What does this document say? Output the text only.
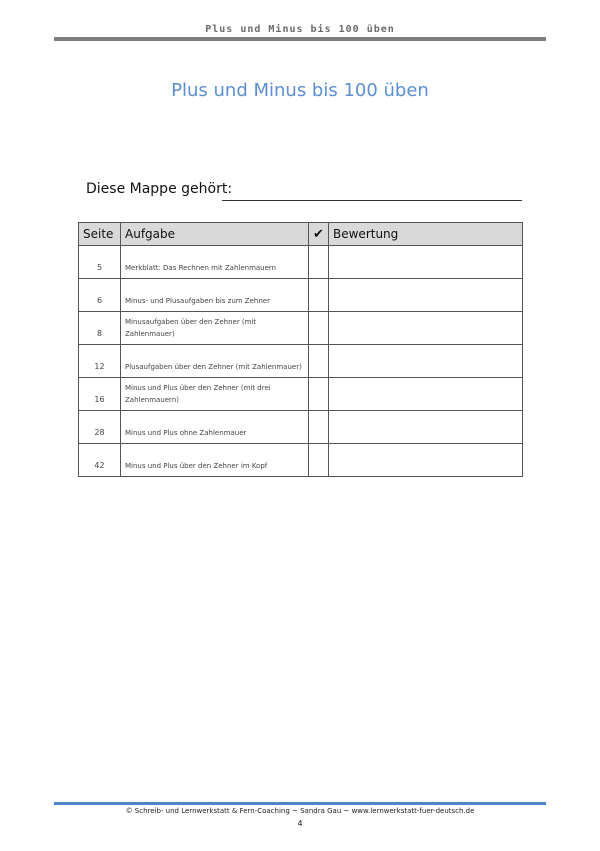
Plus und Minus bis 100 üben
Plus und Minus bis 100 üben
Diese Mappe gehört:
Seite	Aufgabe	✔	Bewertung
5	Merkblatt: Das Rechnen mit Zahlenmauern		
6	Minus- und Plusaufgaben bis zum Zehner		
8	Minusaufgaben über den Zehner (mit Zahlenmauer)		
12	Plusaufgaben über den Zehner (mit Zahlenmauer)		
16	Minus und Plus über den Zehner (mit drei Zahlenmauern)		
28	Minus und Plus ohne Zahlenmauer		
42	Minus und Plus über den Zehner im Kopf		
© Schreib- und Lernwerkstatt & Fern-Coaching ~ Sandra Gau ~ www.lernwerkstatt-fuer-deutsch.de
4
